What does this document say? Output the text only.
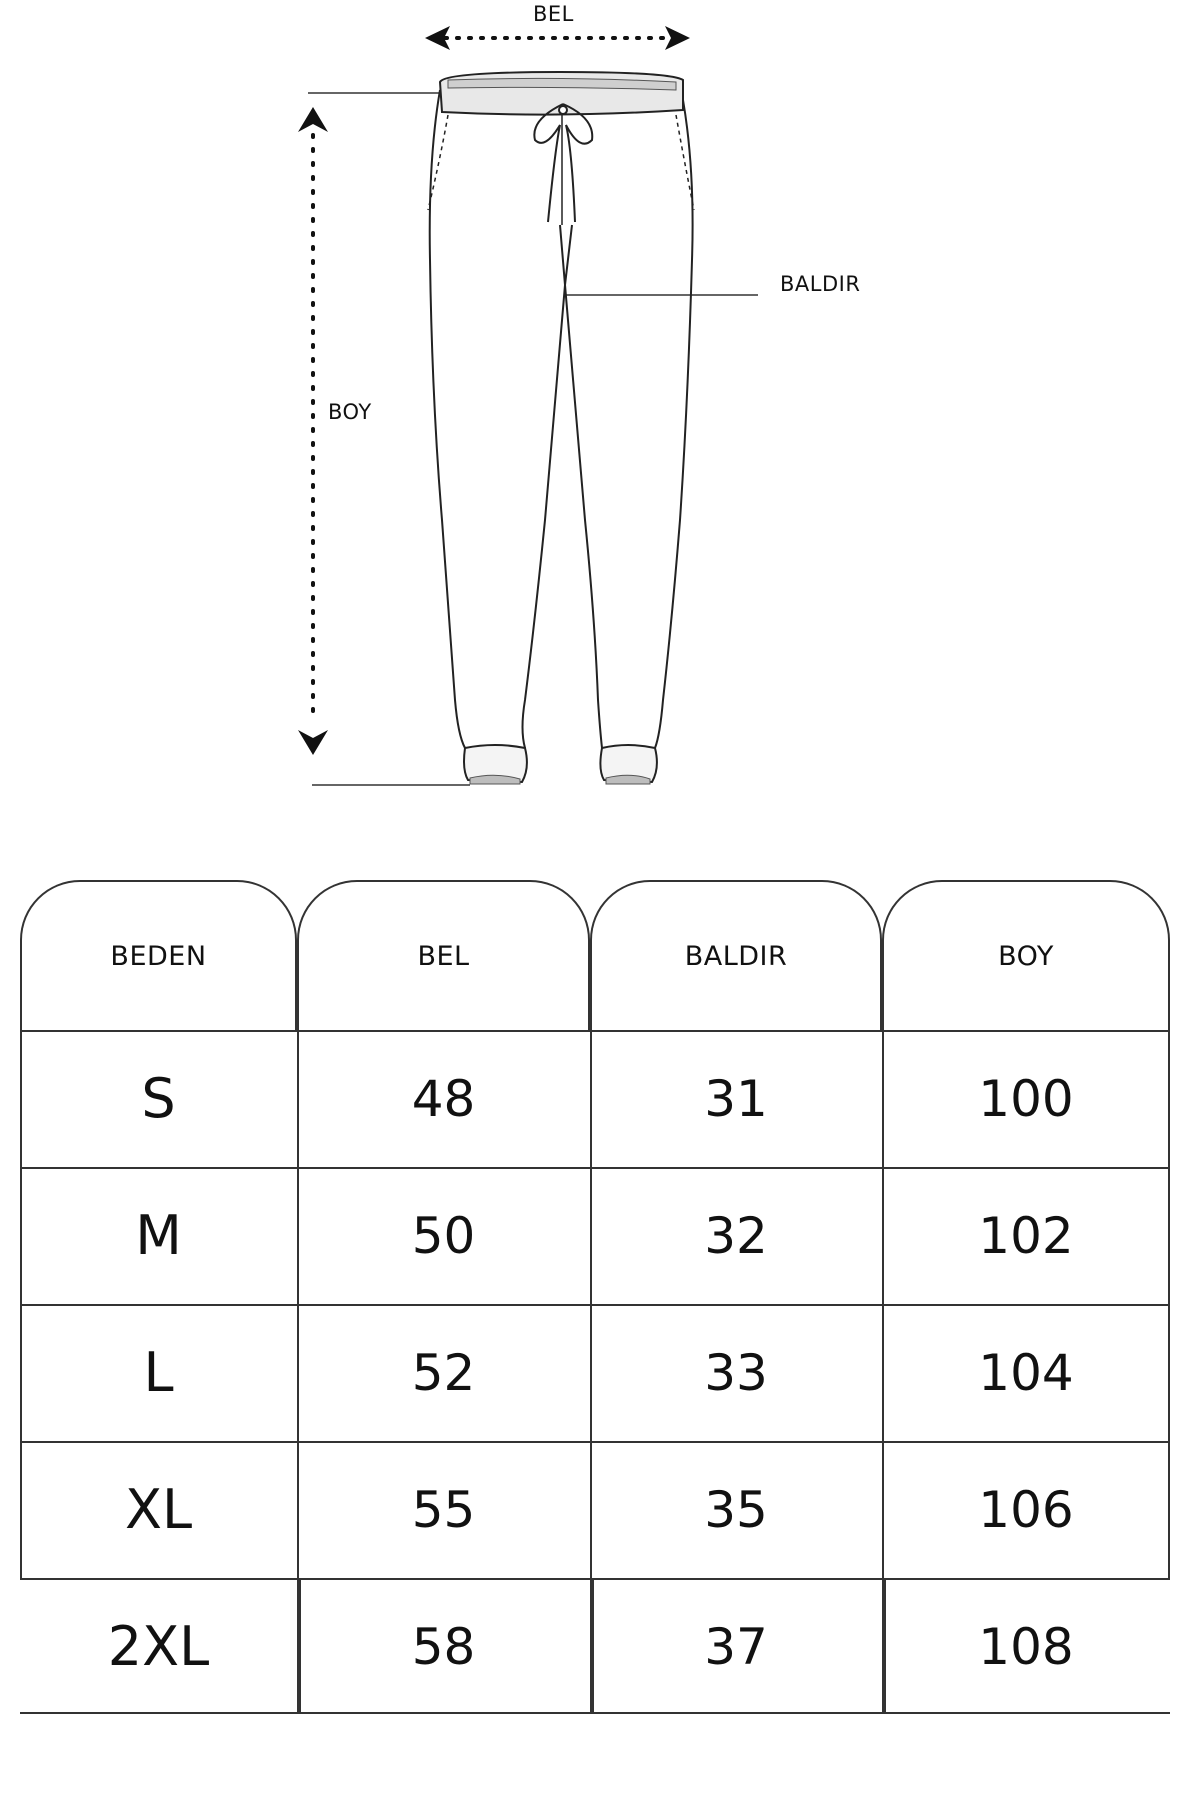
BEL
BALDIR
BOY
BEDEN	BEL	BALDIR	BOY
S	48	31	100
M	50	32	102
L	52	33	104
XL	55	35	106
2XL	58	37	108
